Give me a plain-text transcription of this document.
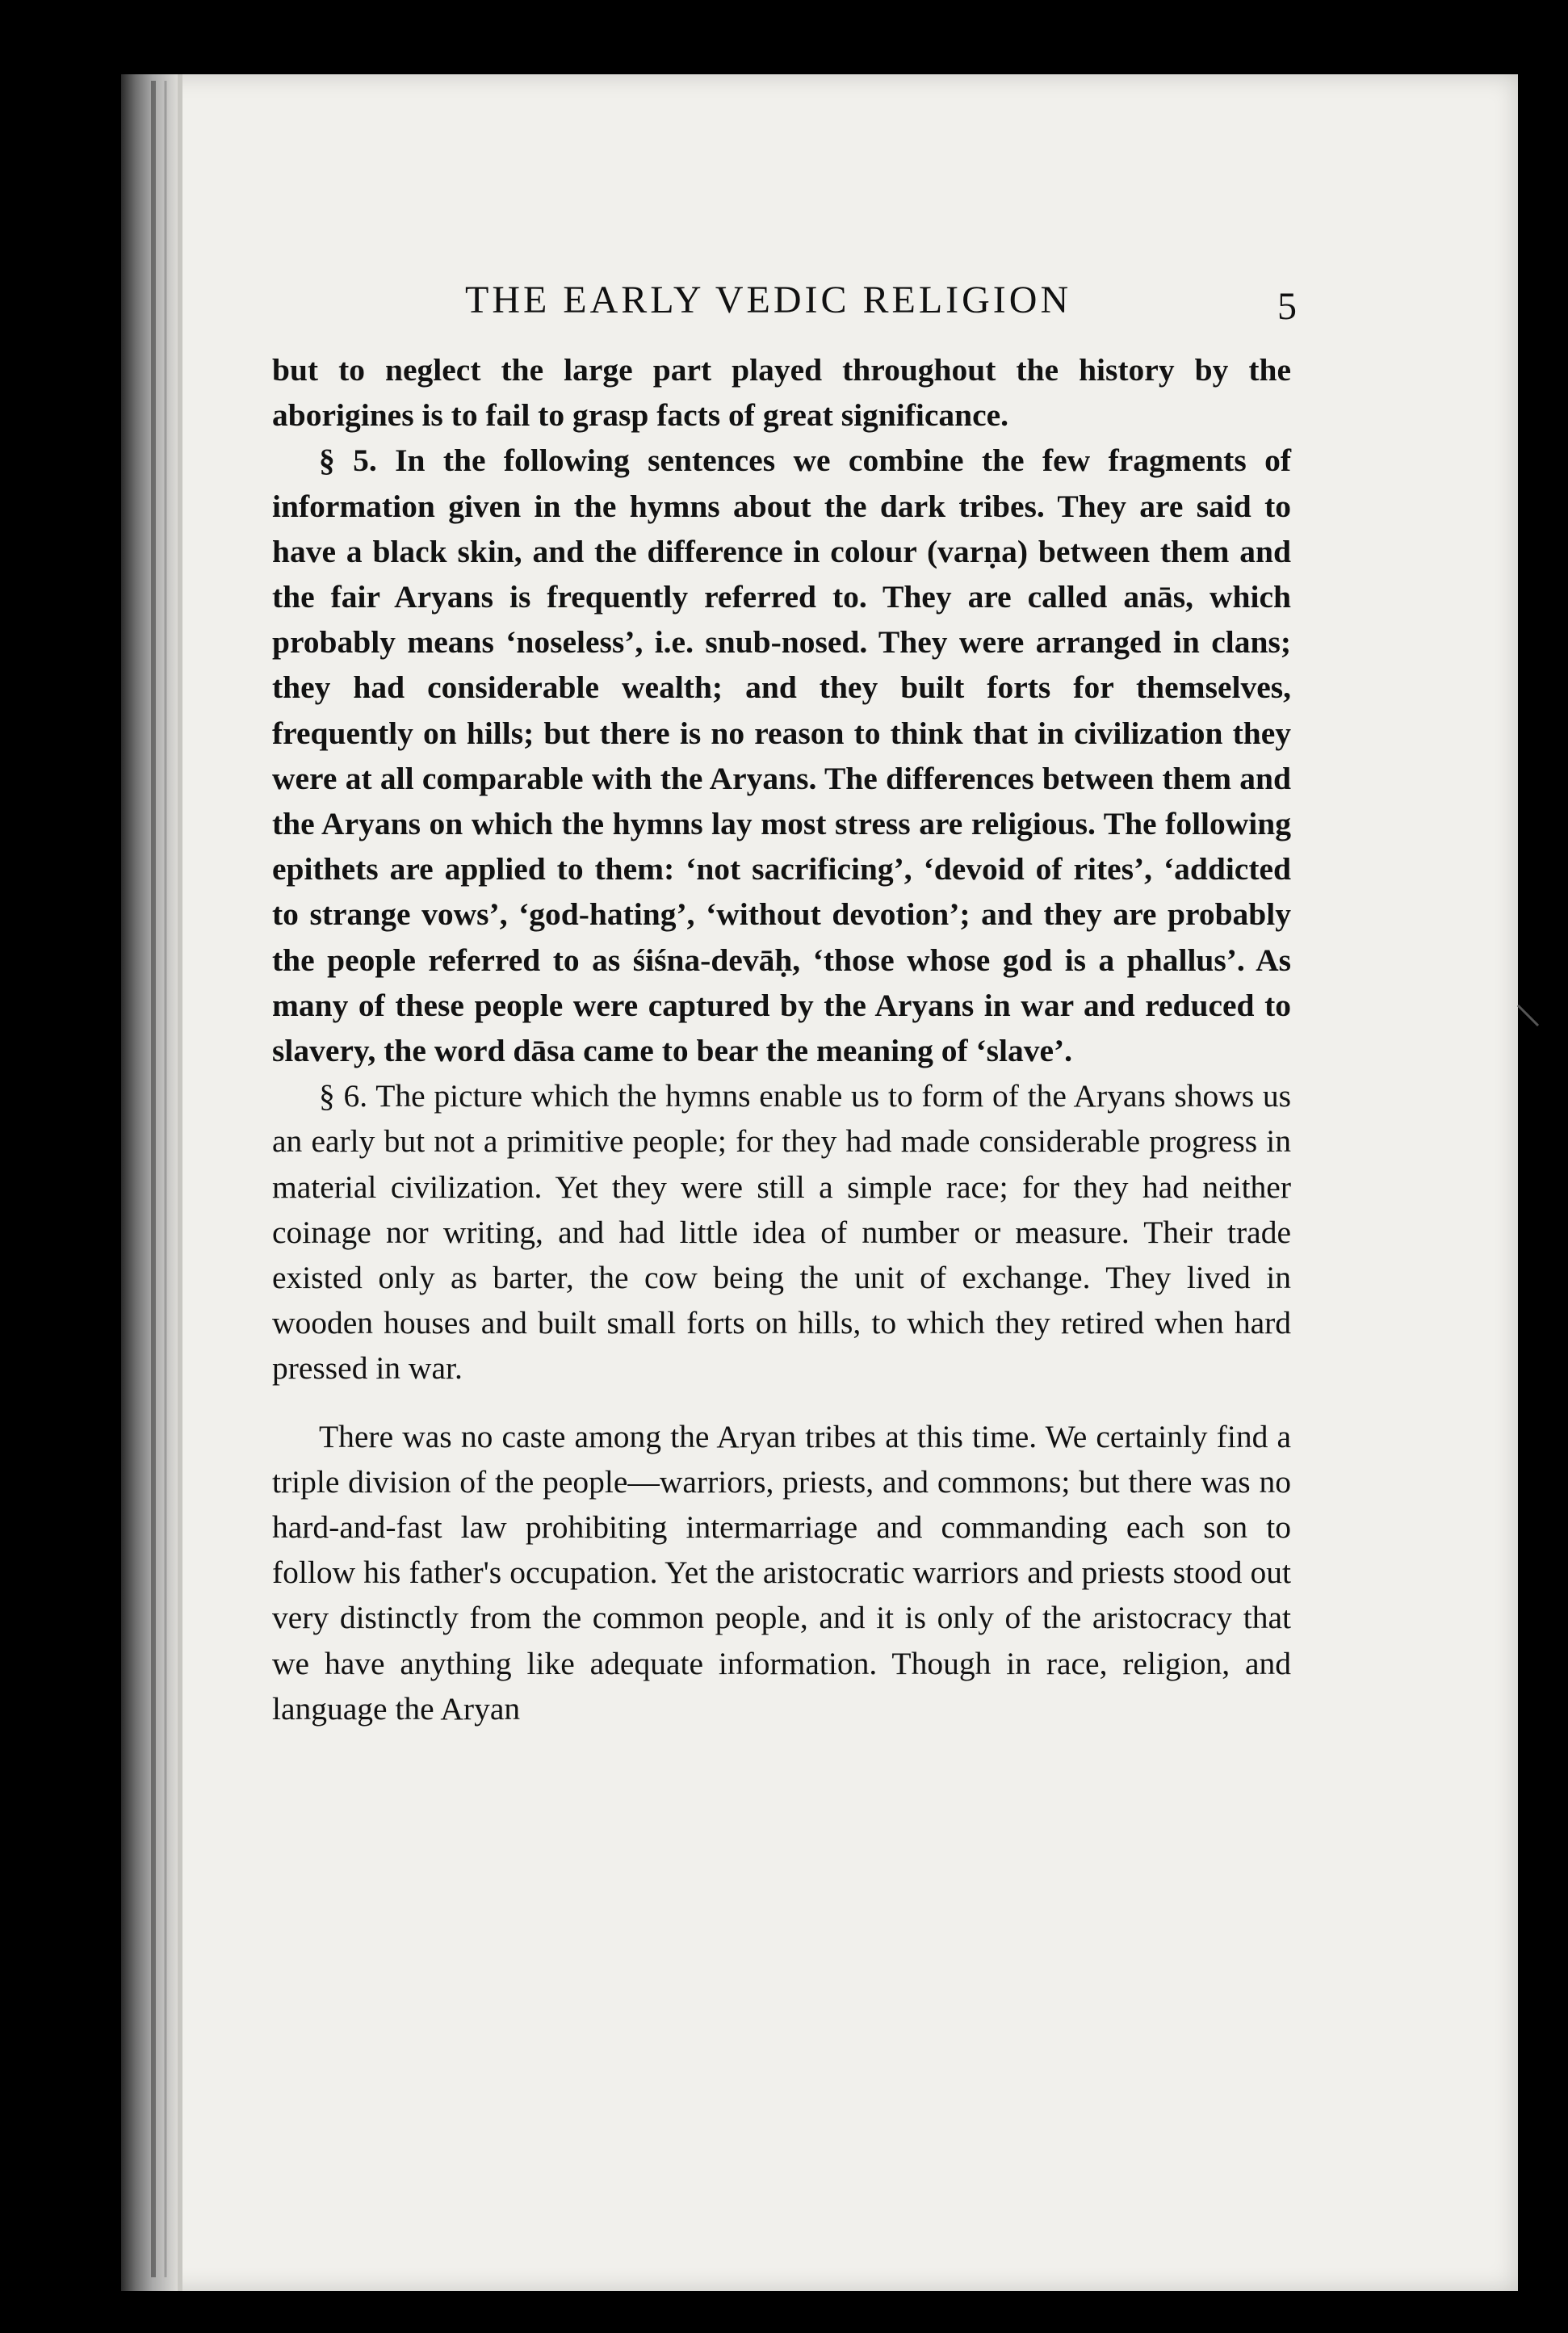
THE EARLY VEDIC RELIGION	5

but to neglect the large part played throughout the history by the aborigines is to fail to grasp facts of great significance.

§ 5. In the following sentences we combine the few fragments of information given in the hymns about the dark tribes. They are said to have a black skin, and the difference in colour (varṇa) between them and the fair Aryans is frequently referred to. They are called anās, which probably means ‘noseless’, i.e. snub-nosed. They were arranged in clans; they had considerable wealth; and they built forts for themselves, frequently on hills; but there is no reason to think that in civilization they were at all comparable with the Aryans. The differences between them and the Aryans on which the hymns lay most stress are religious. The following epithets are applied to them: ‘not sacrificing’, ‘devoid of rites’, ‘addicted to strange vows’, ‘god-hating’, ‘without devotion’; and they are probably the people referred to as śiśna-devāḥ, ‘those whose god is a phallus’. As many of these people were captured by the Aryans in war and reduced to slavery, the word dāsa came to bear the meaning of ‘slave’.

§ 6. The picture which the hymns enable us to form of the Aryans shows us an early but not a primitive people; for they had made considerable progress in material civilization. Yet they were still a simple race; for they had neither coinage nor writing, and had little idea of number or measure. Their trade existed only as barter, the cow being the unit of exchange. They lived in wooden houses and built small forts on hills, to which they retired when hard pressed in war.

There was no caste among the Aryan tribes at this time. We certainly find a triple division of the people—warriors, priests, and commons; but there was no hard-and-fast law prohibiting intermarriage and commanding each son to follow his father's occupation. Yet the aristocratic warriors and priests stood out very distinctly from the common people, and it is only of the aristocracy that we have anything like adequate information. Though in race, religion, and language the Aryan
